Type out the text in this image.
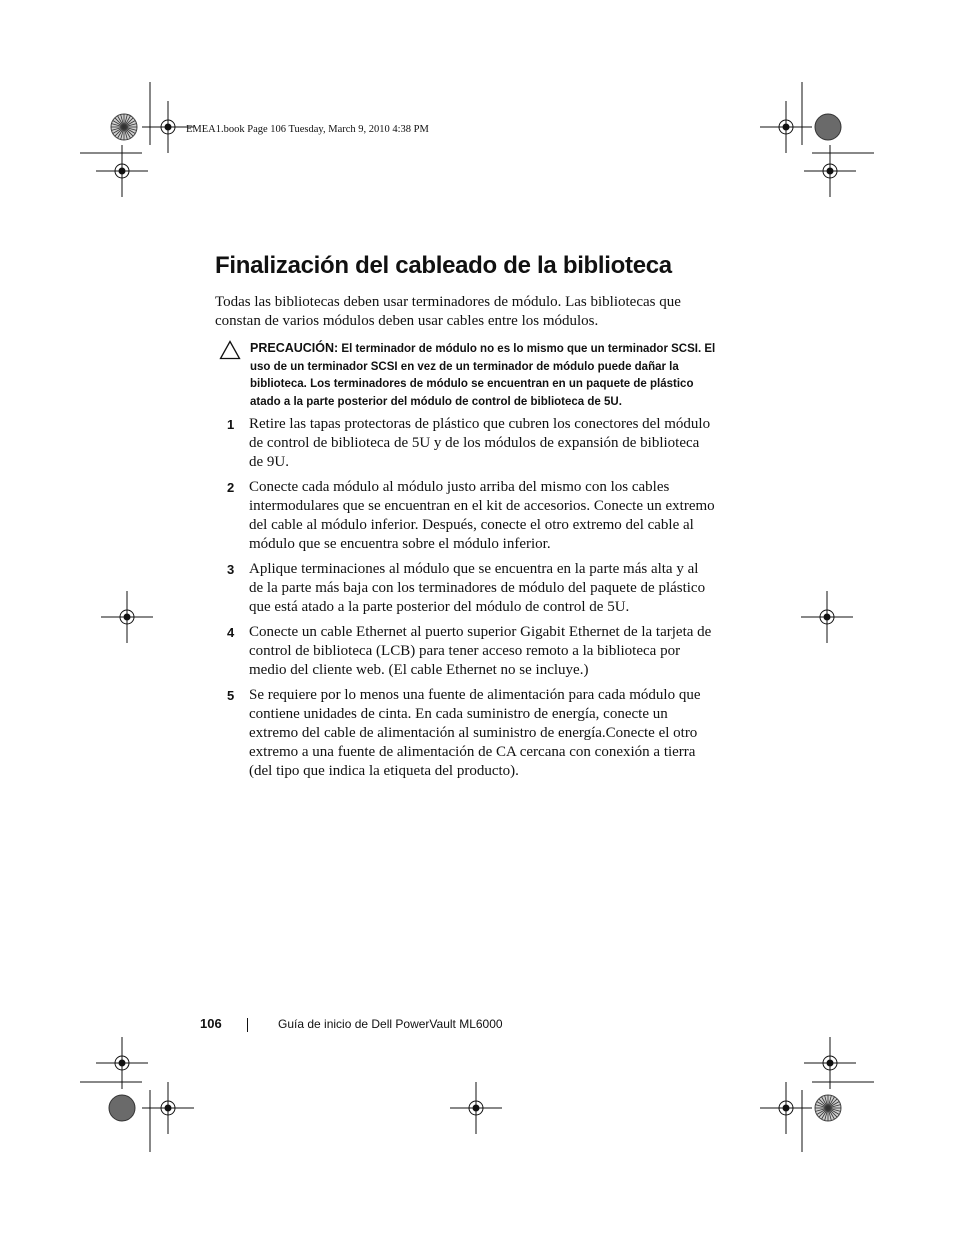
EMEA1.book Page 106 Tuesday, March 9, 2010 4:38 PM
Finalización del cableado de la biblioteca

Todas las bibliotecas deben usar terminadores de módulo. Las bibliotecas que constan de varios módulos deben usar cables entre los módulos.

PRECAUCIÓN: El terminador de módulo no es lo mismo que un terminador SCSI. El uso de un terminador SCSI en vez de un terminador de módulo puede dañar la biblioteca. Los terminadores de módulo se encuentran en un paquete de plástico atado a la parte posterior del módulo de control de biblioteca de 5U.

1 Retire las tapas protectoras de plástico que cubren los conectores del módulo de control de biblioteca de 5U y de los módulos de expansión de biblioteca de 9U.
2 Conecte cada módulo al módulo justo arriba del mismo con los cables intermodulares que se encuentran en el kit de accesorios. Conecte un extremo del cable al módulo inferior. Después, conecte el otro extremo del cable al módulo que se encuentra sobre el módulo inferior.
3 Aplique terminaciones al módulo que se encuentra en la parte más alta y al de la parte más baja con los terminadores de módulo del paquete de plástico que está atado a la parte posterior del módulo de control de 5U.
4 Conecte un cable Ethernet al puerto superior Gigabit Ethernet de la tarjeta de control de biblioteca (LCB) para tener acceso remoto a la biblioteca por medio del cliente web. (El cable Ethernet no se incluye.)
5 Se requiere por lo menos una fuente de alimentación para cada módulo que contiene unidades de cinta. En cada suministro de energía, conecte un extremo del cable de alimentación al suministro de energía.Conecte el otro extremo a una fuente de alimentación de CA cercana con conexión a tierra (del tipo que indica la etiqueta del producto).
106	Guía de inicio de Dell PowerVault ML6000
